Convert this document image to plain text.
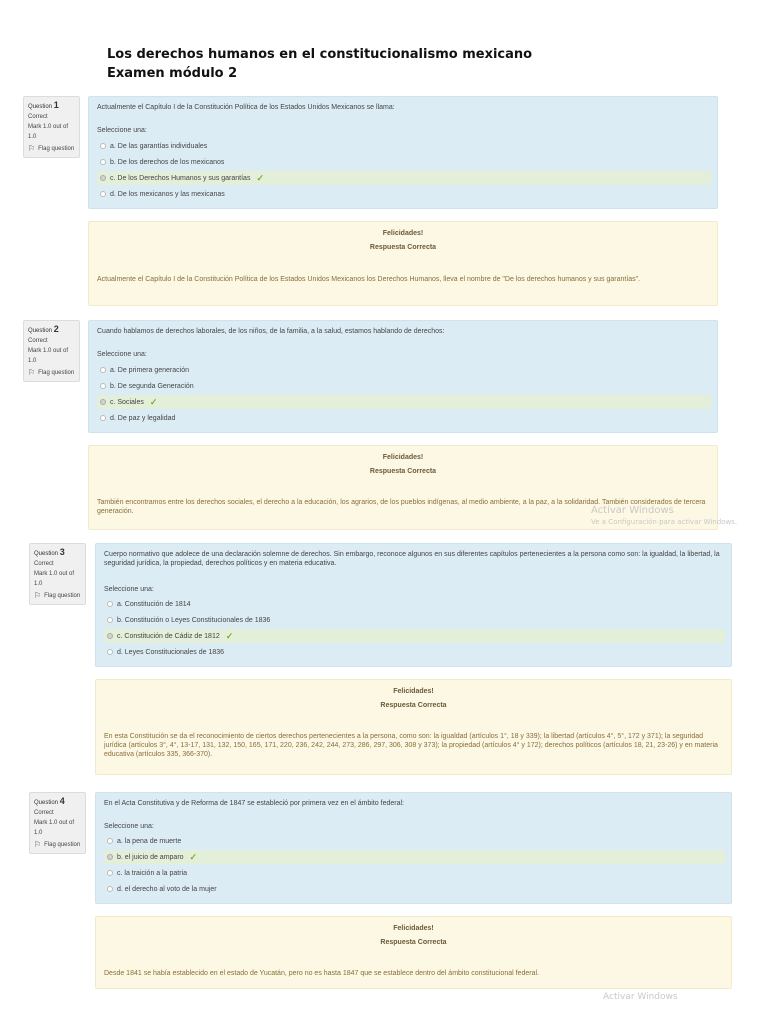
Los derechos humanos en el constitucionalismo mexicano
Examen módulo 2
Question 1
Correct
Mark 1.0 out of 1.0
⚐ Flag question
Actualmente el Capítulo I de la Constitución Política de los Estados Unidos Mexicanos se llama:
Seleccione una:
a. De las garantías individuales
b. De los derechos de los mexicanos
c. De los Derechos Humanos y sus garantías ✓
d. De los mexicanos y las mexicanas
Felicidades!
Respuesta Correcta
Actualmente el Capítulo I de la Constitución Política de los Estados Unidos Mexicanos los Derechos Humanos, lleva el nombre de "De los derechos humanos y sus garantías".
Question 2
Correct
Mark 1.0 out of 1.0
⚐ Flag question
Cuando hablamos de derechos laborales, de los niños, de la familia, a la salud, estamos hablando de derechos:
Seleccione una:
a. De primera generación
b. De segunda Generación
c. Sociales ✓
d. De paz y legalidad
Felicidades!
Respuesta Correcta
También encontramos entre los derechos sociales, el derecho a la educación, los agrarios, de los pueblos indígenas, al medio ambiente, a la paz, a la solidaridad. También considerados de tercera generación.	Activar Windows
Ve a Configuración para activar Windows.
Question 3
Correct
Mark 1.0 out of 1.0
⚐ Flag question
Cuerpo normativo que adolece de una declaración solemne de derechos. Sin embargo, reconoce algunos en sus diferentes capítulos pertenecientes a la persona como son: la igualdad, la libertad, la seguridad jurídica, la propiedad, derechos políticos y en materia educativa.
Seleccione una:
a. Constitución de 1814
b. Constitución o Leyes Constitucionales de 1836
c. Constitución de Cádiz de 1812 ✓
d. Leyes Constitucionales de 1836
Felicidades!
Respuesta Correcta
En esta Constitución se da el reconocimiento de ciertos derechos pertenecientes a la persona, como son: la igualdad (artículos 1°, 18 y 339); la libertad (artículos 4°, 5°, 172 y 371); la seguridad jurídica (artículos 3°, 4°, 13-17, 131, 132, 150, 165, 171, 220, 236, 242, 244, 273, 286, 297, 306, 308 y 373); la propiedad (artículos 4° y 172); derechos políticos (artículos 18, 21, 23-26) y en materia educativa (artículos 335, 366-370).
Question 4
Correct
Mark 1.0 out of 1.0
⚐ Flag question
En el Acta Constitutiva y de Reforma de 1847 se estableció por primera vez en el ámbito federal:
Seleccione una:
a. la pena de muerte
b. el juicio de amparo ✓
c. la traición a la patria
d. el derecho al voto de la mujer
Felicidades!
Respuesta Correcta
Desde 1841 se había establecido en el estado de Yucatán, pero no es hasta 1847 que se establece dentro del ámbito constitucional federal.
Activar Windows
